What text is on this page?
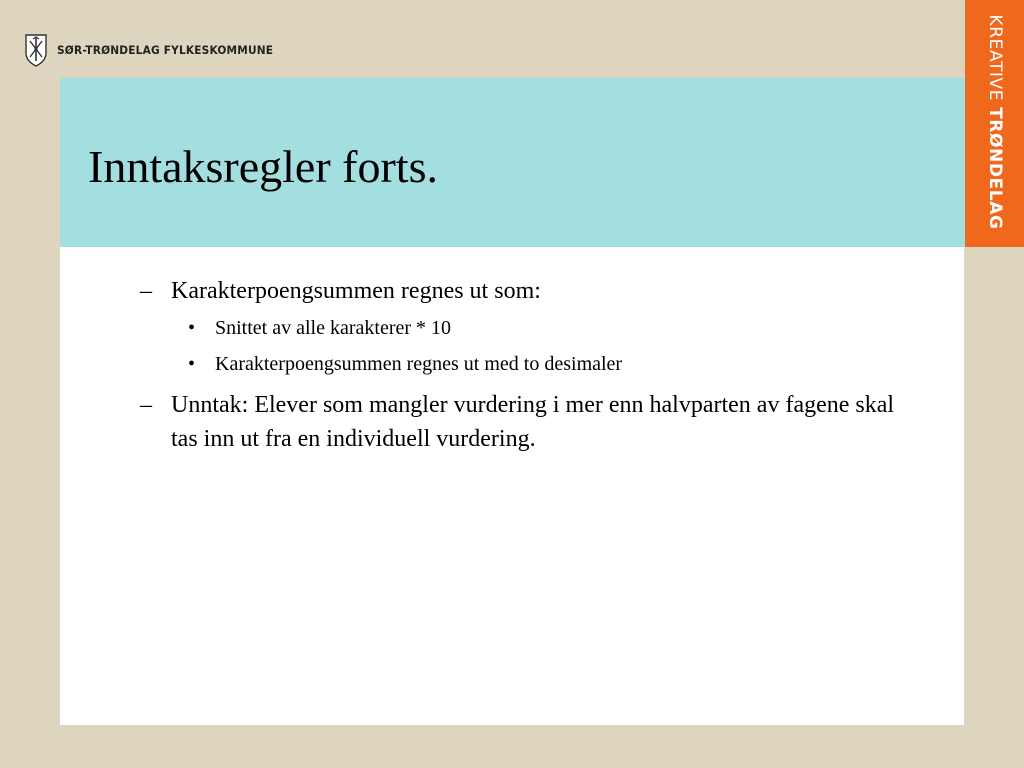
SØR-TRØNDELAG FYLKESKOMMUNE	KREATIVE TRØNDELAG
Inntaksregler forts.
– Karakterpoengsummen regnes ut som:
• Snittet av alle karakterer * 10
• Karakterpoengsummen regnes ut med to desimaler
– Unntak: Elever som mangler vurdering i mer enn halvparten av fagene skal tas inn ut fra en individuell vurdering.
